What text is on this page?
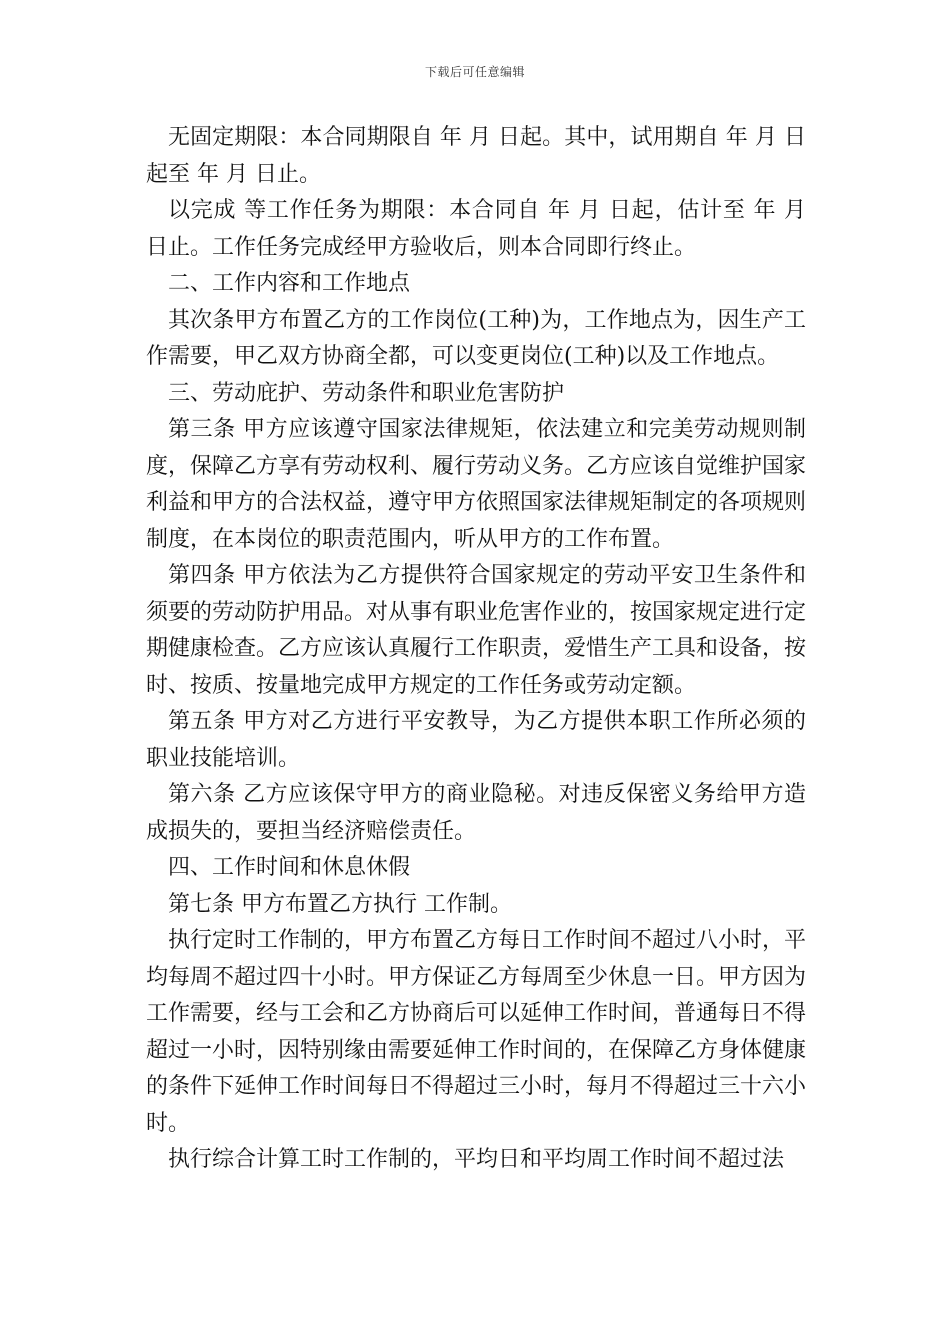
下载后可任意编辑

无固定期限：本合同期限自 年 月 日起。其中，试用期自 年 月 日起至 年 月 日止。

以完成 等工作任务为期限：本合同自 年 月 日起，估计至 年 月 日止。工作任务完成经甲方验收后，则本合同即行终止。

二、工作内容和工作地点

其次条甲方布置乙方的工作岗位(工种)为，工作地点为，因生产工作需要，甲乙双方协商全都，可以变更岗位(工种)以及工作地点。

三、劳动庇护、劳动条件和职业危害防护

第三条 甲方应该遵守国家法律规矩，依法建立和完美劳动规则制度，保障乙方享有劳动权利、履行劳动义务。乙方应该自觉维护国家利益和甲方的合法权益，遵守甲方依照国家法律规矩制定的各项规则制度，在本岗位的职责范围内，听从甲方的工作布置。

第四条 甲方依法为乙方提供符合国家规定的劳动平安卫生条件和须要的劳动防护用品。对从事有职业危害作业的，按国家规定进行定期健康检查。乙方应该认真履行工作职责，爱惜生产工具和设备，按时、按质、按量地完成甲方规定的工作任务或劳动定额。

第五条 甲方对乙方进行平安教导，为乙方提供本职工作所必须的职业技能培训。

第六条 乙方应该保守甲方的商业隐秘。对违反保密义务给甲方造成损失的，要担当经济赔偿责任。

四、工作时间和休息休假

第七条 甲方布置乙方执行 工作制。

执行定时工作制的，甲方布置乙方每日工作时间不超过八小时，平均每周不超过四十小时。甲方保证乙方每周至少休息一日。甲方因为工作需要，经与工会和乙方协商后可以延伸工作时间，普通每日不得超过一小时，因特别缘由需要延伸工作时间的，在保障乙方身体健康的条件下延伸工作时间每日不得超过三小时，每月不得超过三十六小时。

执行综合计算工时工作制的，平均日和平均周工作时间不超过法
